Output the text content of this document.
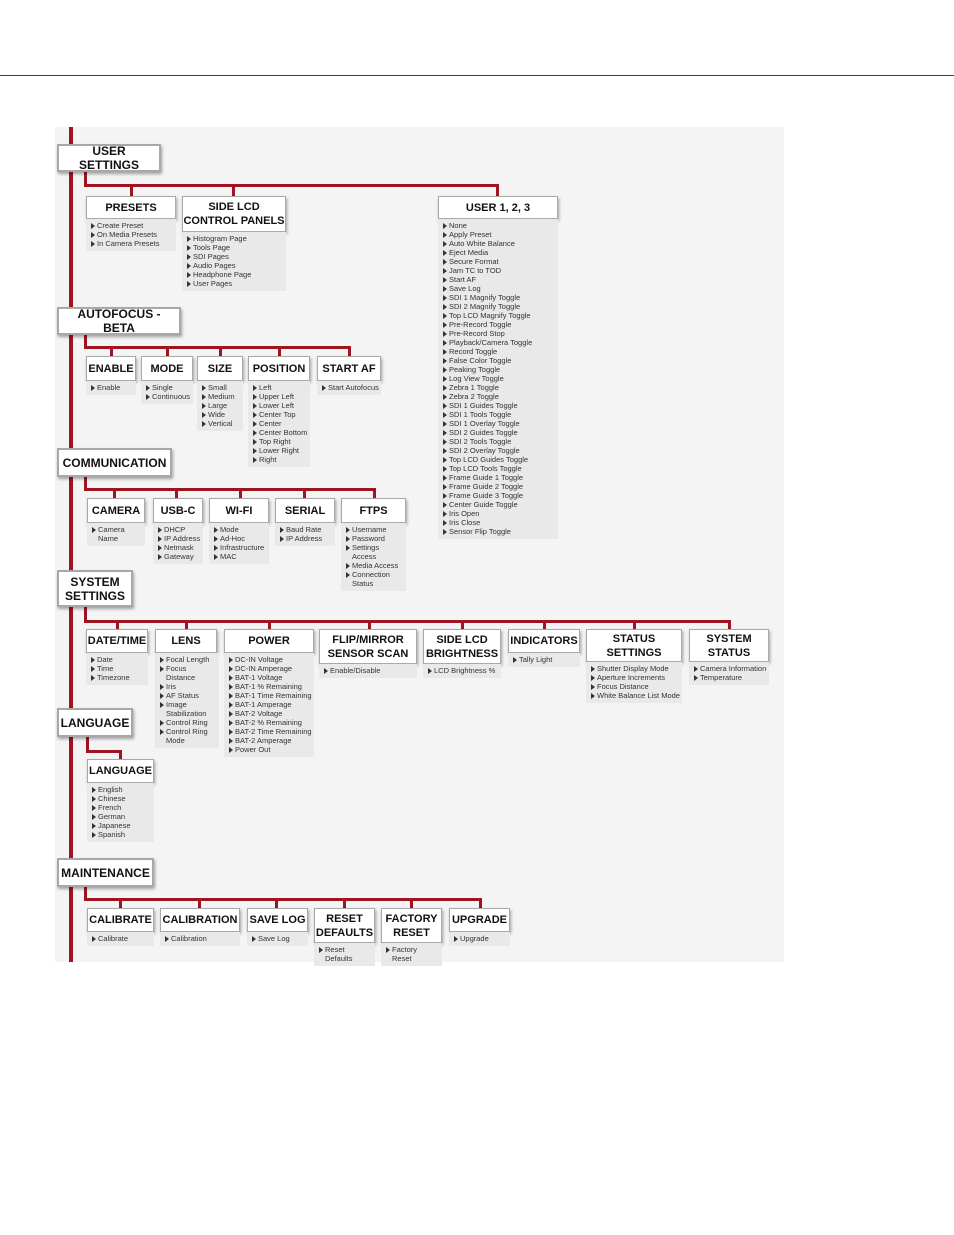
USER SETTINGS
PRESETS
Create Preset
On Media Presets
In Camera Presets
SIDE LCD
CONTROL PANELS
Histogram Page
Tools Page
SDI Pages
Audio Pages
Headphone Page
User Pages
USER 1, 2, 3
None
Apply Preset
Auto White Balance
Eject Media
Secure Format
Jam TC to TOD
Start AF
Save Log
SDI 1 Magnify Toggle
SDI 2 Magnify Toggle
Top LCD Magnify Toggle
Pre-Record Toggle
Pre-Record Stop
Playback/Camera Toggle
Record Toggle
False Color Toggle
Peaking Toggle
Log View Toggle
Zebra 1 Toggle
Zebra 2 Toggle
SDI 1 Guides Toggle
SDI 1 Tools Toggle
SDI 1 Overlay Toggle
SDI 2 Guides Toggle
SDI 2 Tools Toggle
SDI 2 Overlay Toggle
Top LCD Guides Toggle
Top LCD Tools Toggle
Frame Guide 1 Toggle
Frame Guide 2 Toggle
Frame Guide 3 Toggle
Center Guide Toggle
Iris Open
Iris Close
Sensor Flip Toggle
AUTOFOCUS - BETA
ENABLE
Enable
MODE
Single
Continuous
SIZE
Small
Medium
Large
Wide
Vertical
POSITION
Left
Upper Left
Lower Left
Center Top
Center
Center Bottom
Top Right
Lower Right
Right
START AF
Start Autofocus
COMMUNICATION
CAMERA
Camera Name
USB-C
DHCP
IP Address
Netmask
Gateway
WI-FI
Mode
Ad-Hoc
Infrastructure
MAC
SERIAL
Baud Rate
IP Address
FTPS
Username
Password
Settings Access
Media Access
Connection
Status
SYSTEM
SETTINGS
DATE/TIME
Date
Time
Timezone
LENS
Focal Length
Focus Distance
Iris
AF Status
Image
Stabilization
Control Ring
Control Ring
Mode
POWER
DC-IN Voltage
DC-IN Amperage
BAT-1 Voltage
BAT-1 % Remaining
BAT-1 Time Remaining
BAT-1 Amperage
BAT-2 Voltage
BAT-2 % Remaining
BAT-2 Time Remaining
BAT-2 Amperage
Power Out
FLIP/MIRROR
SENSOR SCAN
Enable/Disable
SIDE LCD
BRIGHTNESS
LCD Brightness %
INDICATORS
Tally Light
STATUS
SETTINGS
Shutter Display Mode
Aperture Increments
Focus Distance
White Balance List Mode
SYSTEM
STATUS
Camera Information
Temperature
LANGUAGE
LANGUAGE
English
Chinese
French
German
Japanese
Spanish
MAINTENANCE
CALIBRATE
Calibrate
CALIBRATION
Calibration
SAVE LOG
Save Log
RESET
DEFAULTS
Reset
Defaults
FACTORY
RESET
Factory
Reset
UPGRADE
Upgrade
